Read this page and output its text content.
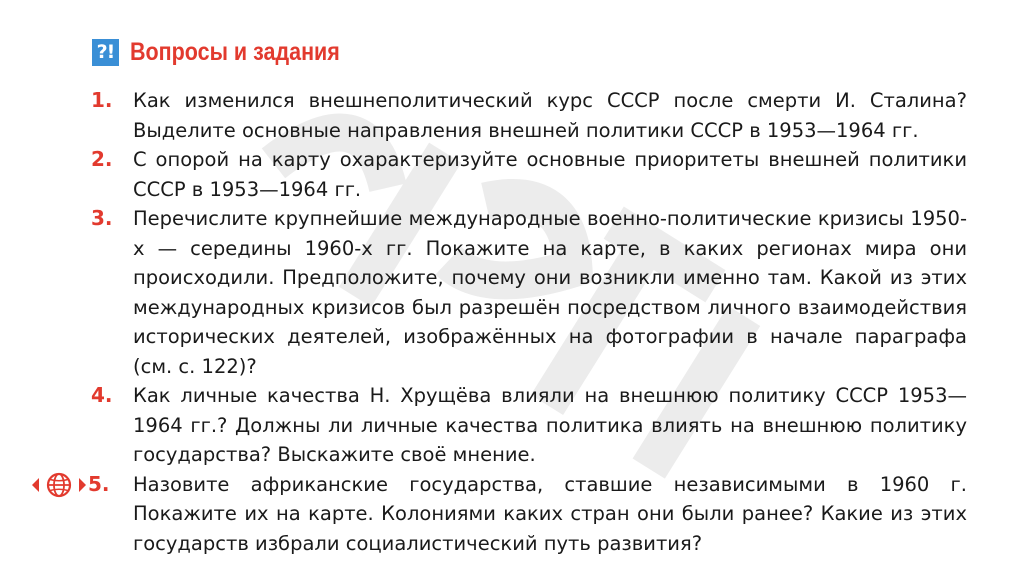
?! Вопросы и задания
1. Как изменился внешнеполитический курс СССР после смерти И. Сталина? Выделите основные направления внешней политики СССР в 1953—1964 гг.
2. С опорой на карту охарактеризуйте основные приоритеты внешней политики СССР в 1953—1964 гг.
3. Перечислите крупнейшие международные военно-политические кризисы 1950-х — середины 1960-х гг. Покажите на карте, в каких регионах мира они происходили. Предположите, почему они возникли именно там. Какой из этих международных кризисов был разрешён посредством личного взаимодействия исторических деятелей, изображённых на фотографии в начале параграфа (см. с. 122)?
4. Как личные качества Н. Хрущёва влияли на внешнюю политику СССР 1953—1964 гг.? Должны ли личные качества политика влиять на внешнюю политику государства? Выскажите своё мнение.
5. Назовите африканские государства, ставшие независимыми в 1960 г. Покажите их на карте. Колониями каких стран они были ранее? Какие из этих государств избрали социалистический путь развития?
